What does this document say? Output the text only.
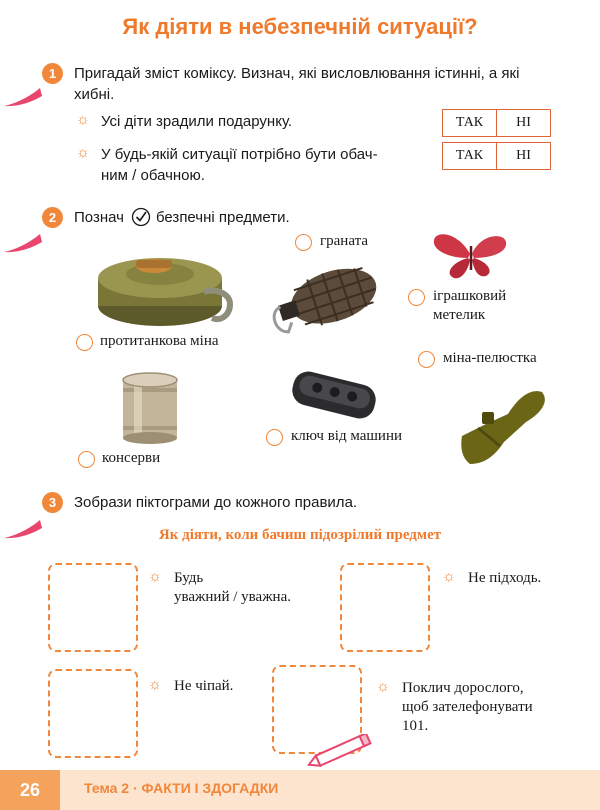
Як діяти в небезпечній ситуації?
1	Пригадай зміст коміксу. Визнач, які висловлювання істинні, а які
хибні.
☼ Усі діти зрадили подарунку.	ТАК	НІ
☼ У будь-якій ситуації потрібно бути обач-
ним / обачною.
ТАК	НІ
2	Познач безпечні предмети.
протитанкова міна
граната
іграшковий
метелик
міна-пелюстка
консерви
ключ від машини
3	Зобрази піктограми до кожного правила.
Як діяти, коли бачиш підозрілий предмет
☼ Будь
уважний / уважна.
☼ Не підходь.
☼ Не чіпай.	☼ Поклич дорослого,
щоб зателефонувати
101.
26	Тема 2 · ФАКТИ І ЗДОГАДКИ
